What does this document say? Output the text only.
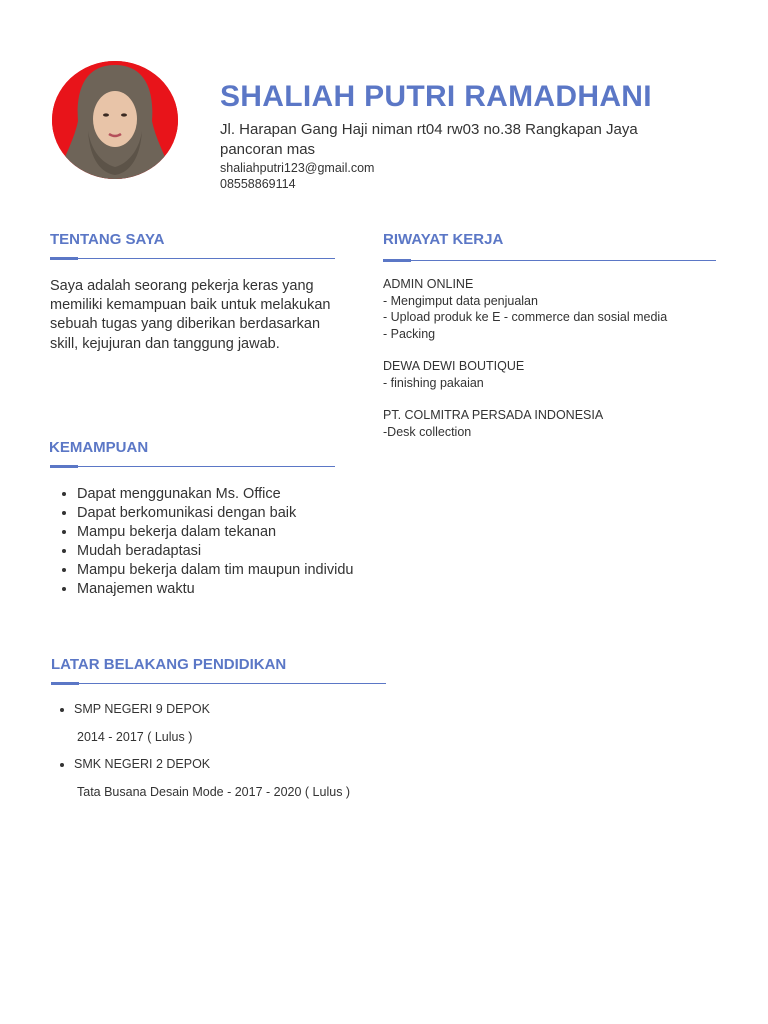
SHALIAH PUTRI RAMADHANI
Jl. Harapan Gang Haji niman rt04 rw03 no.38 Rangkapan Jaya pancoran mas
shaliahputri123@gmail.com
08558869114
TENTANG SAYA
Saya adalah seorang pekerja keras yang memiliki kemampuan baik untuk melakukan sebuah tugas yang diberikan berdasarkan skill, kejujuran dan tanggung jawab.
KEMAMPUAN
• Dapat menggunakan Ms. Office
• Dapat berkomunikasi dengan baik
• Mampu bekerja dalam tekanan
• Mudah beradaptasi
• Mampu bekerja dalam tim maupun individu
• Manajemen waktu
LATAR BELAKANG PENDIDIKAN
• SMP NEGERI 9 DEPOK
2014 - 2017 ( Lulus )
• SMK NEGERI 2 DEPOK
Tata Busana Desain Mode - 2017 - 2020 ( Lulus )
RIWAYAT KERJA
ADMIN ONLINE
- Mengimput data penjualan
- Upload produk ke E - commerce dan sosial media
- Packing
DEWA DEWI BOUTIQUE
- finishing pakaian
PT. COLMITRA PERSADA INDONESIA
-Desk collection
